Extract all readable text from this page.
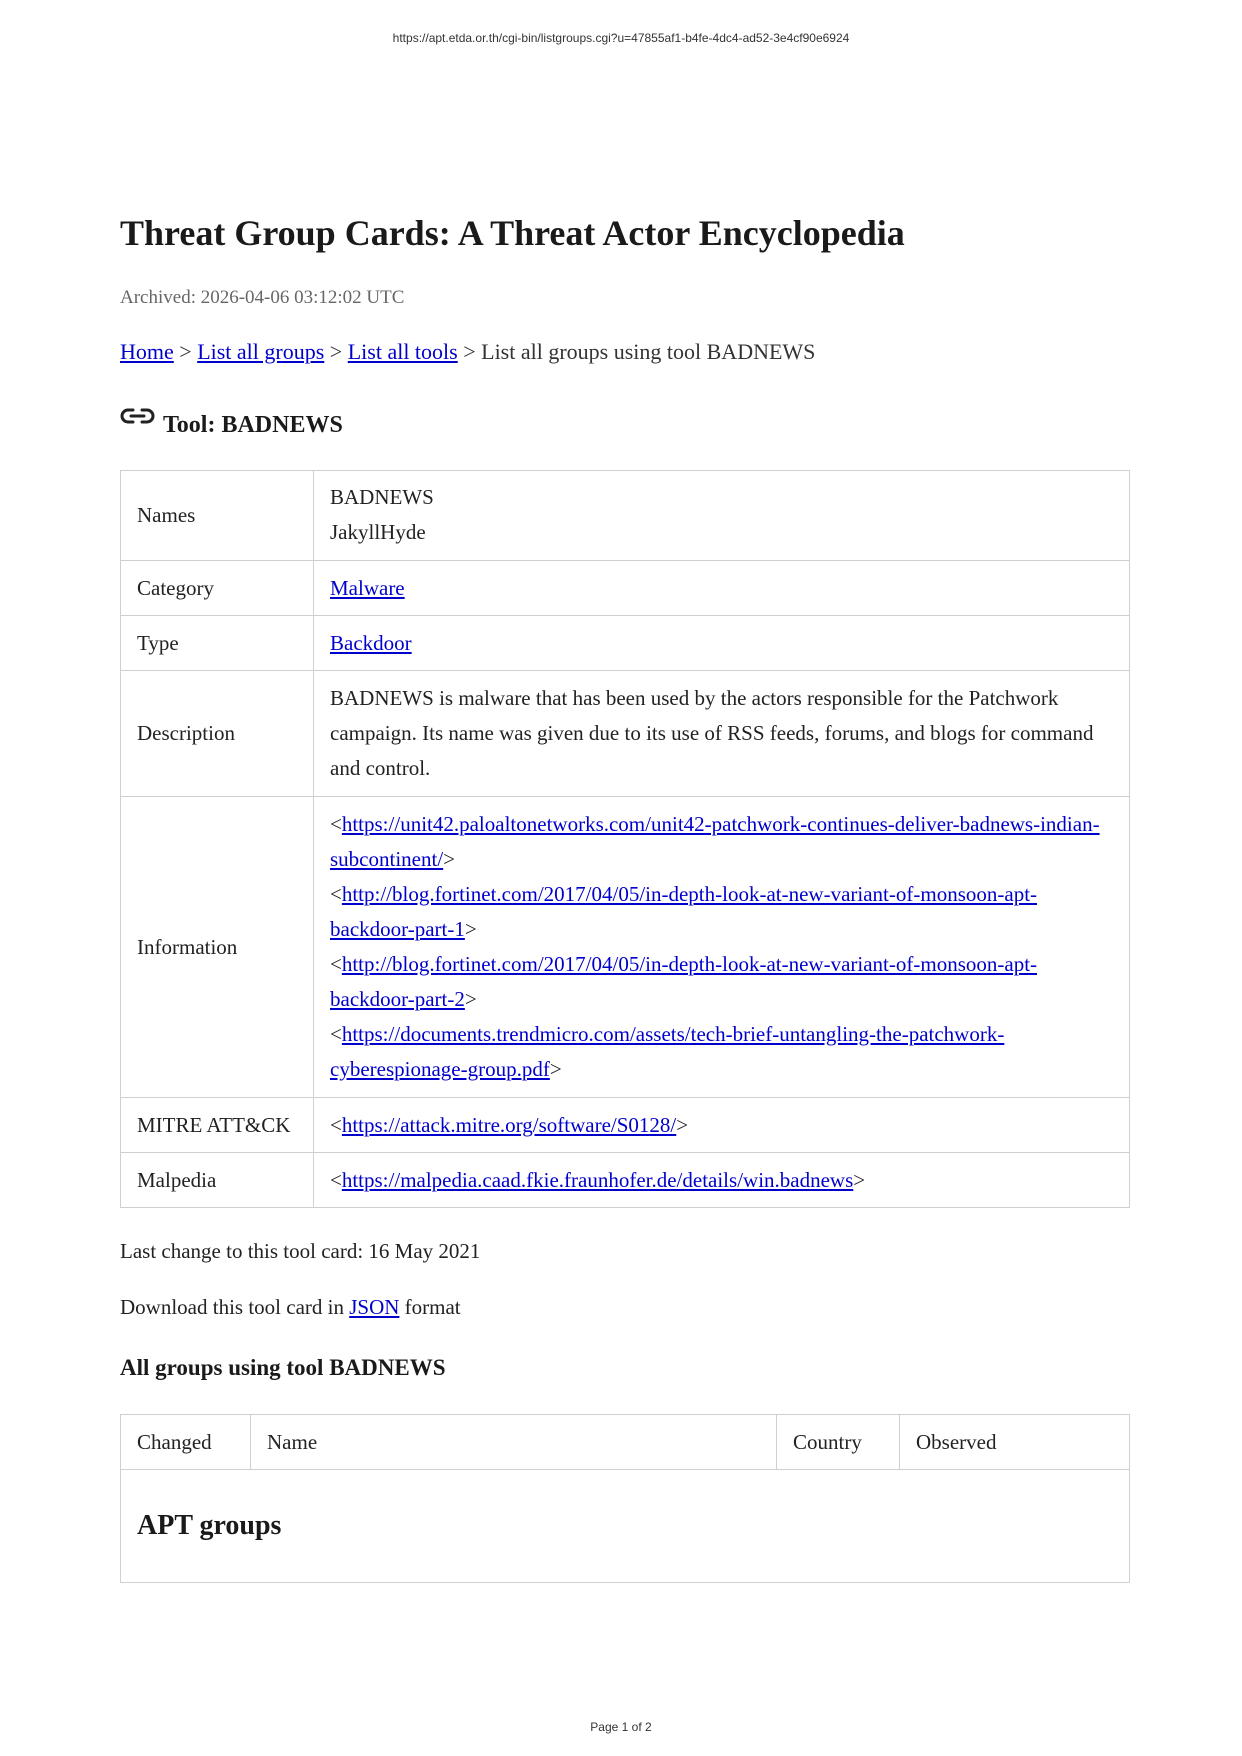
https://apt.etda.or.th/cgi-bin/listgroups.cgi?u=47855af1-b4fe-4dc4-ad52-3e4cf90e6924
Threat Group Cards: A Threat Actor Encyclopedia
Archived: 2026-04-06 03:12:02 UTC
Home > List all groups > List all tools > List all groups using tool BADNEWS
Tool: BADNEWS
Names	BADNEWS
JakyllHyde

Category	Malware
Type	Backdoor
Description	BADNEWS is malware that has been used by the actors responsible for the Patchwork campaign. Its name was given due to its use of RSS feeds, forums, and blogs for command and control.
Information	<https://unit42.paloaltonetworks.com/unit42-patchwork-continues-deliver-badnews-indian-subcontinent/>
<http://blog.fortinet.com/2017/04/05/in-depth-look-at-new-variant-of-monsoon-apt-backdoor-part-1>
<http://blog.fortinet.com/2017/04/05/in-depth-look-at-new-variant-of-monsoon-apt-backdoor-part-2>
<https://documents.trendmicro.com/assets/tech-brief-untangling-the-patchwork-cyberespionage-group.pdf>

MITRE ATT&CK	<https://attack.mitre.org/software/S0128/>
Malpedia	<https://malpedia.caad.fkie.fraunhofer.de/details/win.badnews>
Last change to this tool card: 16 May 2021
Download this tool card in JSON format
All groups using tool BADNEWS
Changed	Name	Country	Observed
APT groups
Page 1 of 2
